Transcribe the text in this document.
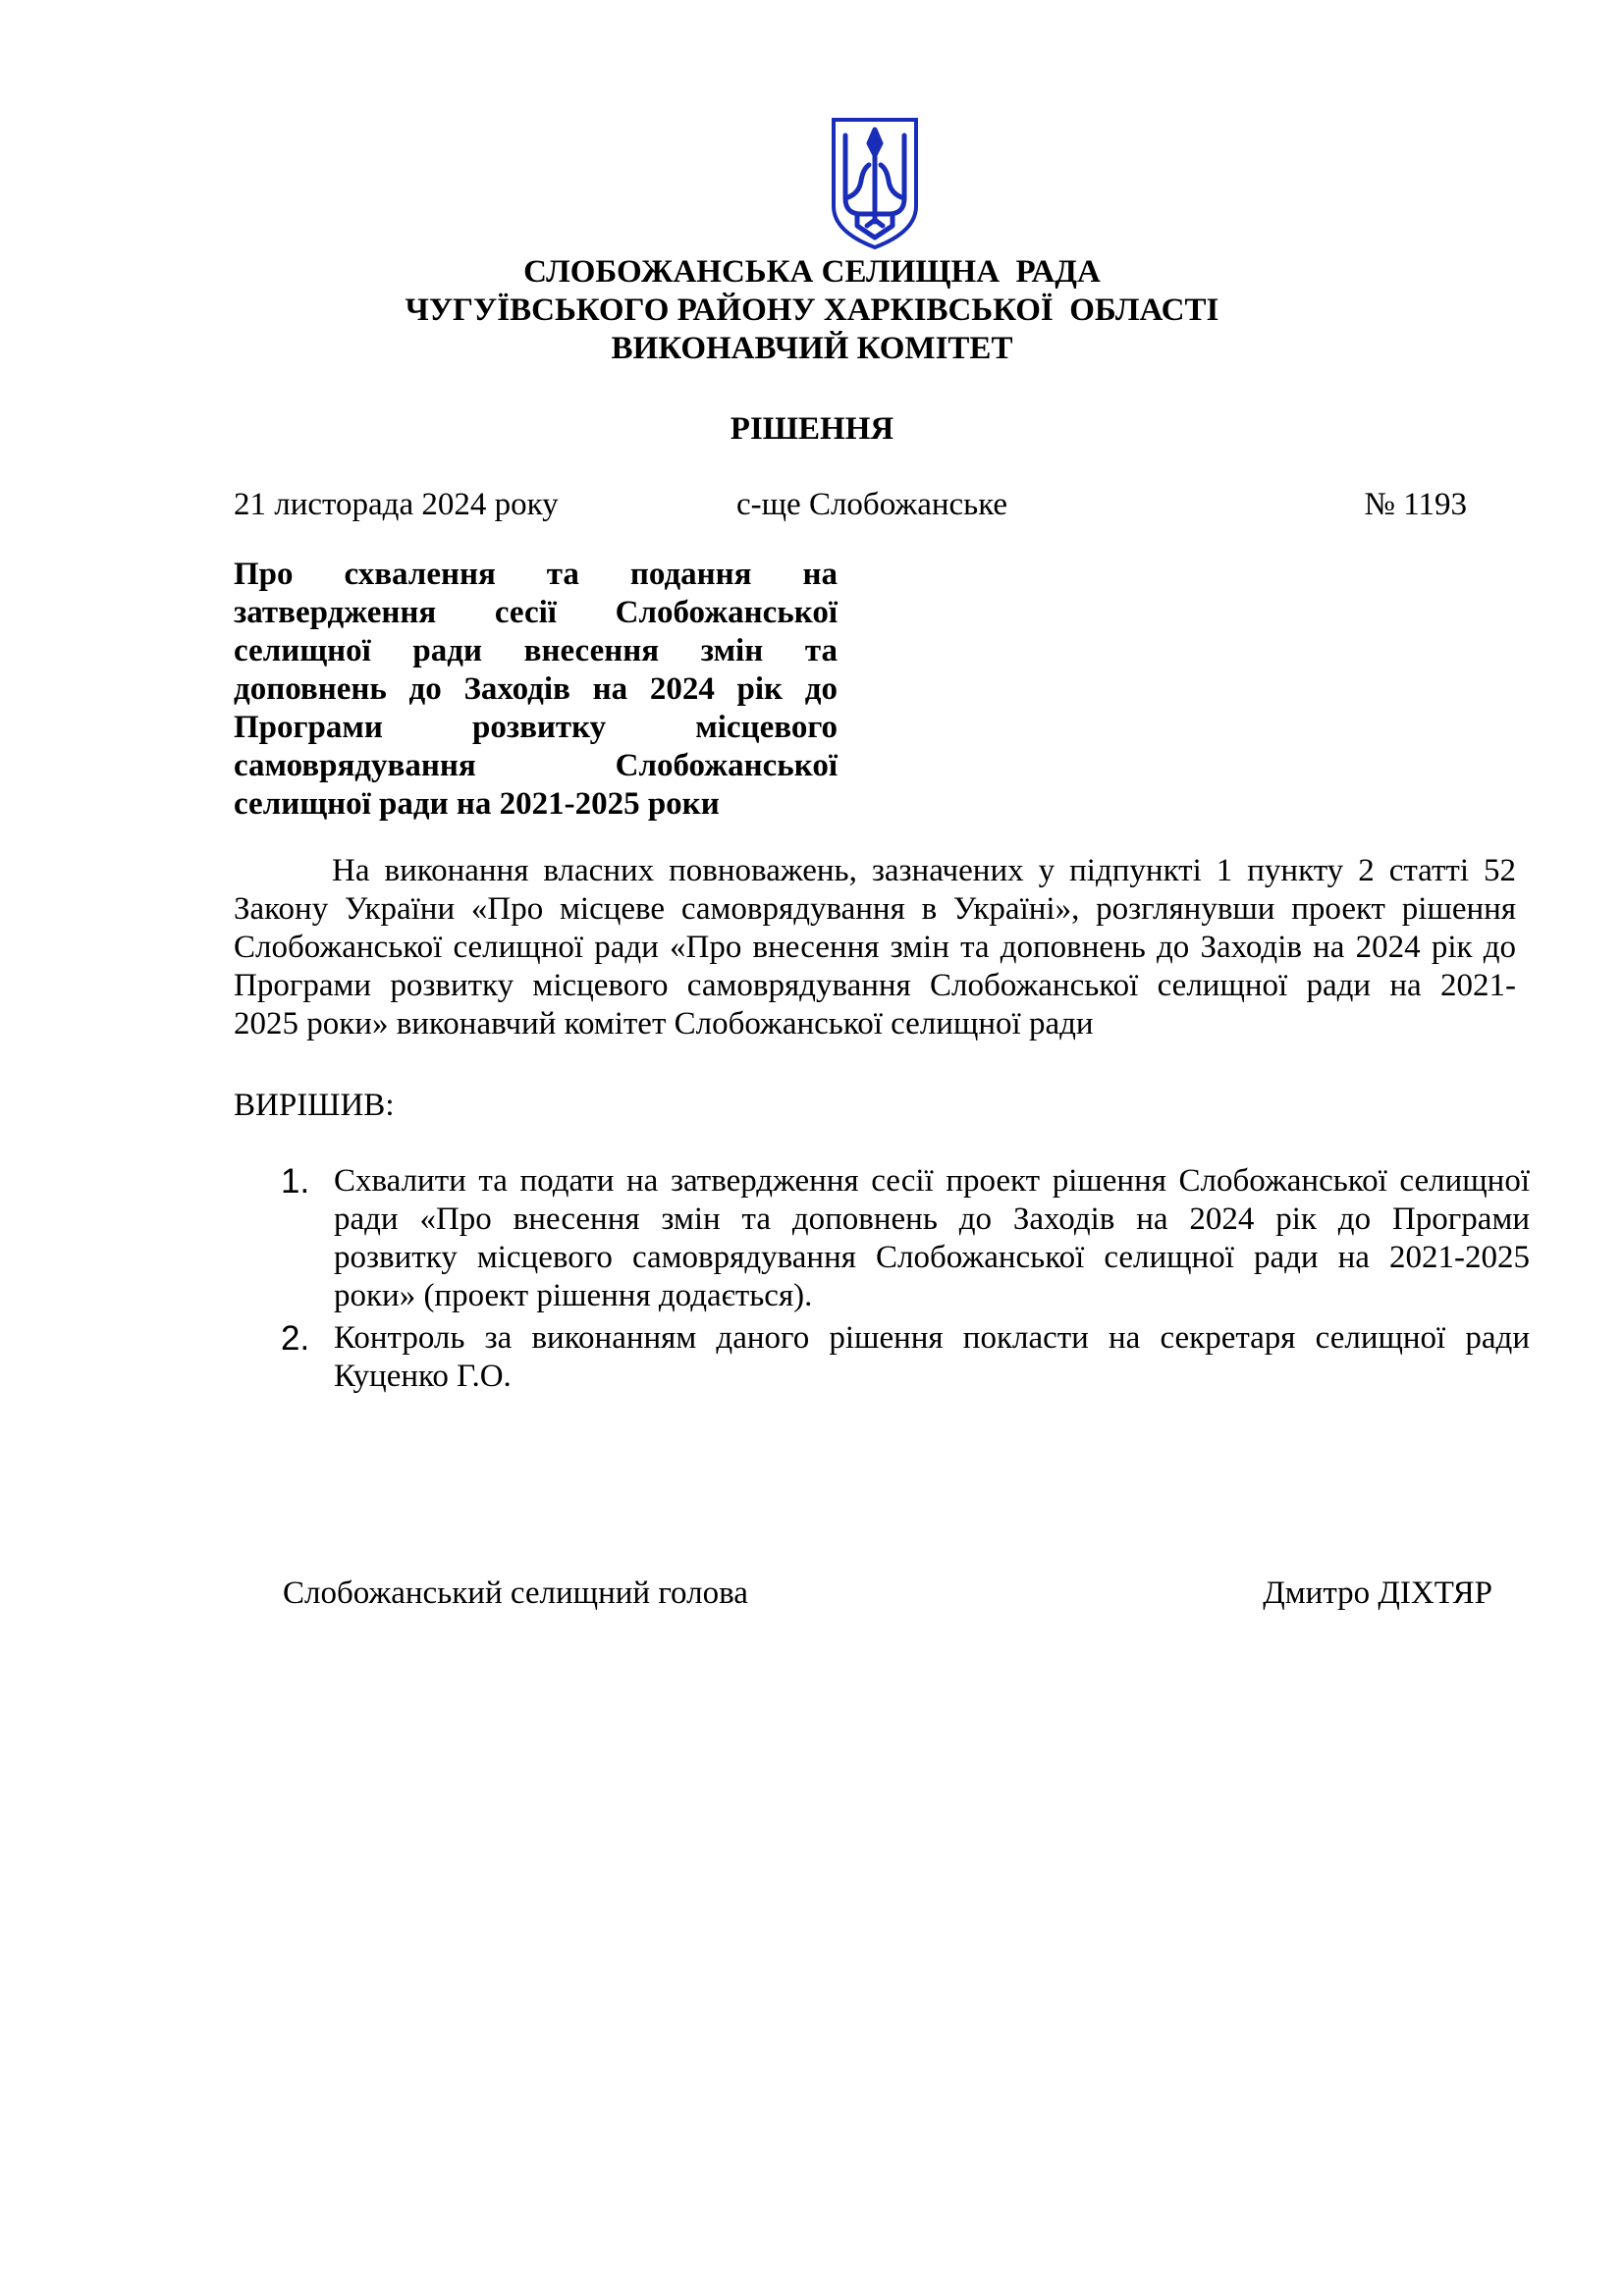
СЛОБОЖАНСЬКА СЕЛИЩНА  РАДА
ЧУГУЇВСЬКОГО РАЙОНУ ХАРКІВСЬКОЇ  ОБЛАСТІ
ВИКОНАВЧИЙ КОМІТЕТ
РІШЕННЯ
21 листорада 2024 року	с-ще Слобожанське	№ 1193
Про схвалення та подання на
затвердження сесії Слобожанської
селищної ради внесення змін та
доповнень до Заходів на 2024 рік до
Програми розвитку місцевого
самоврядування Слобожанської
селищної ради на 2021-2025 роки
На виконання власних повноважень, зазначених у підпункті 1 пункту 2 статті 52
Закону України «Про місцеве самоврядування в Україні», розглянувши проект рішення
Слобожанської селищної ради «Про внесення змін та доповнень до Заходів на 2024 рік до
Програми розвитку місцевого самоврядування Слобожанської селищної ради на 2021-
2025 роки» виконавчий комітет Слобожанської селищної ради
ВИРІШИВ:
1. Схвалити та подати на затвердження сесії проект рішення Слобожанської селищної
ради «Про внесення змін та доповнень до Заходів на 2024 рік до Програми
розвитку місцевого самоврядування Слобожанської селищної ради на 2021-2025
роки» (проект рішення додається).
2. Контроль за виконанням даного рішення покласти на секретаря селищної ради
Куценко Г.О.
Слобожанський селищний голова	Дмитро ДІХТЯР
